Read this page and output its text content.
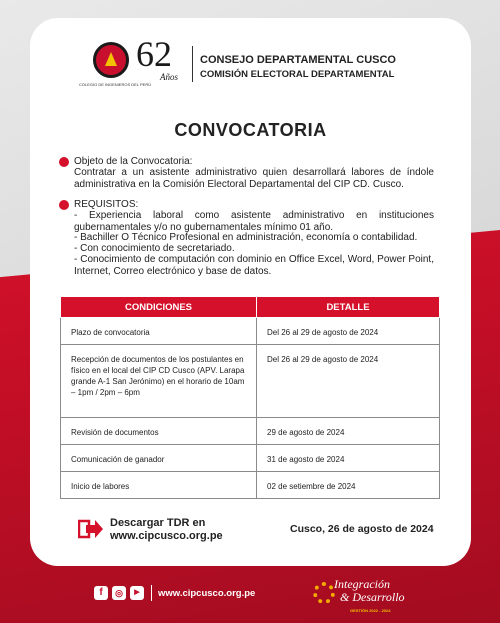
COLEGIO DE INGENIEROS DEL PERÚ
62
Años
CONSEJO DEPARTAMENTAL CUSCO
COMISIÓN ELECTORAL DEPARTAMENTAL
CONVOCATORIA
Objeto de la Convocatoria:
Contratar a un asistente administrativo quien desarrollará labores de índole administrativa en la Comisión Electoral Departamental del CIP CD. Cusco.
REQUISITOS:
- Experiencia laboral como asistente administrativo en instituciones gubernamentales y/o no gubernamentales mínimo 01 año.
- Bachiller O Técnico Profesional en administración, economía o contabilidad.
- Con conocimiento de secretariado.
- Conocimiento de computación con dominio en Office Excel, Word, Power Point, Internet, Correo electrónico y base de datos.
CONDICIONES	DETALLE
Plazo de convocatoria	Del 26 al 29 de agosto de 2024
Recepción de documentos de los postulantes en físico en el local del CIP CD Cusco (APV. Larapa grande A-1 San Jerónimo) en el horario de 10am – 1pm / 2pm – 6pm	Del 26 al 29 de agosto de 2024
Revisión de documentos	29 de agosto de 2024
Comunicación de ganador	31 de agosto de 2024
Inicio de labores	02 de setiembre de 2024
Descargar TDR en
www.cipcusco.org.pe
Cusco, 26 de agosto de 2024
f	◎	▶	www.cipcusco.org.pe
Integración
& Desarrollo
GESTIÓN 2022 - 2024
